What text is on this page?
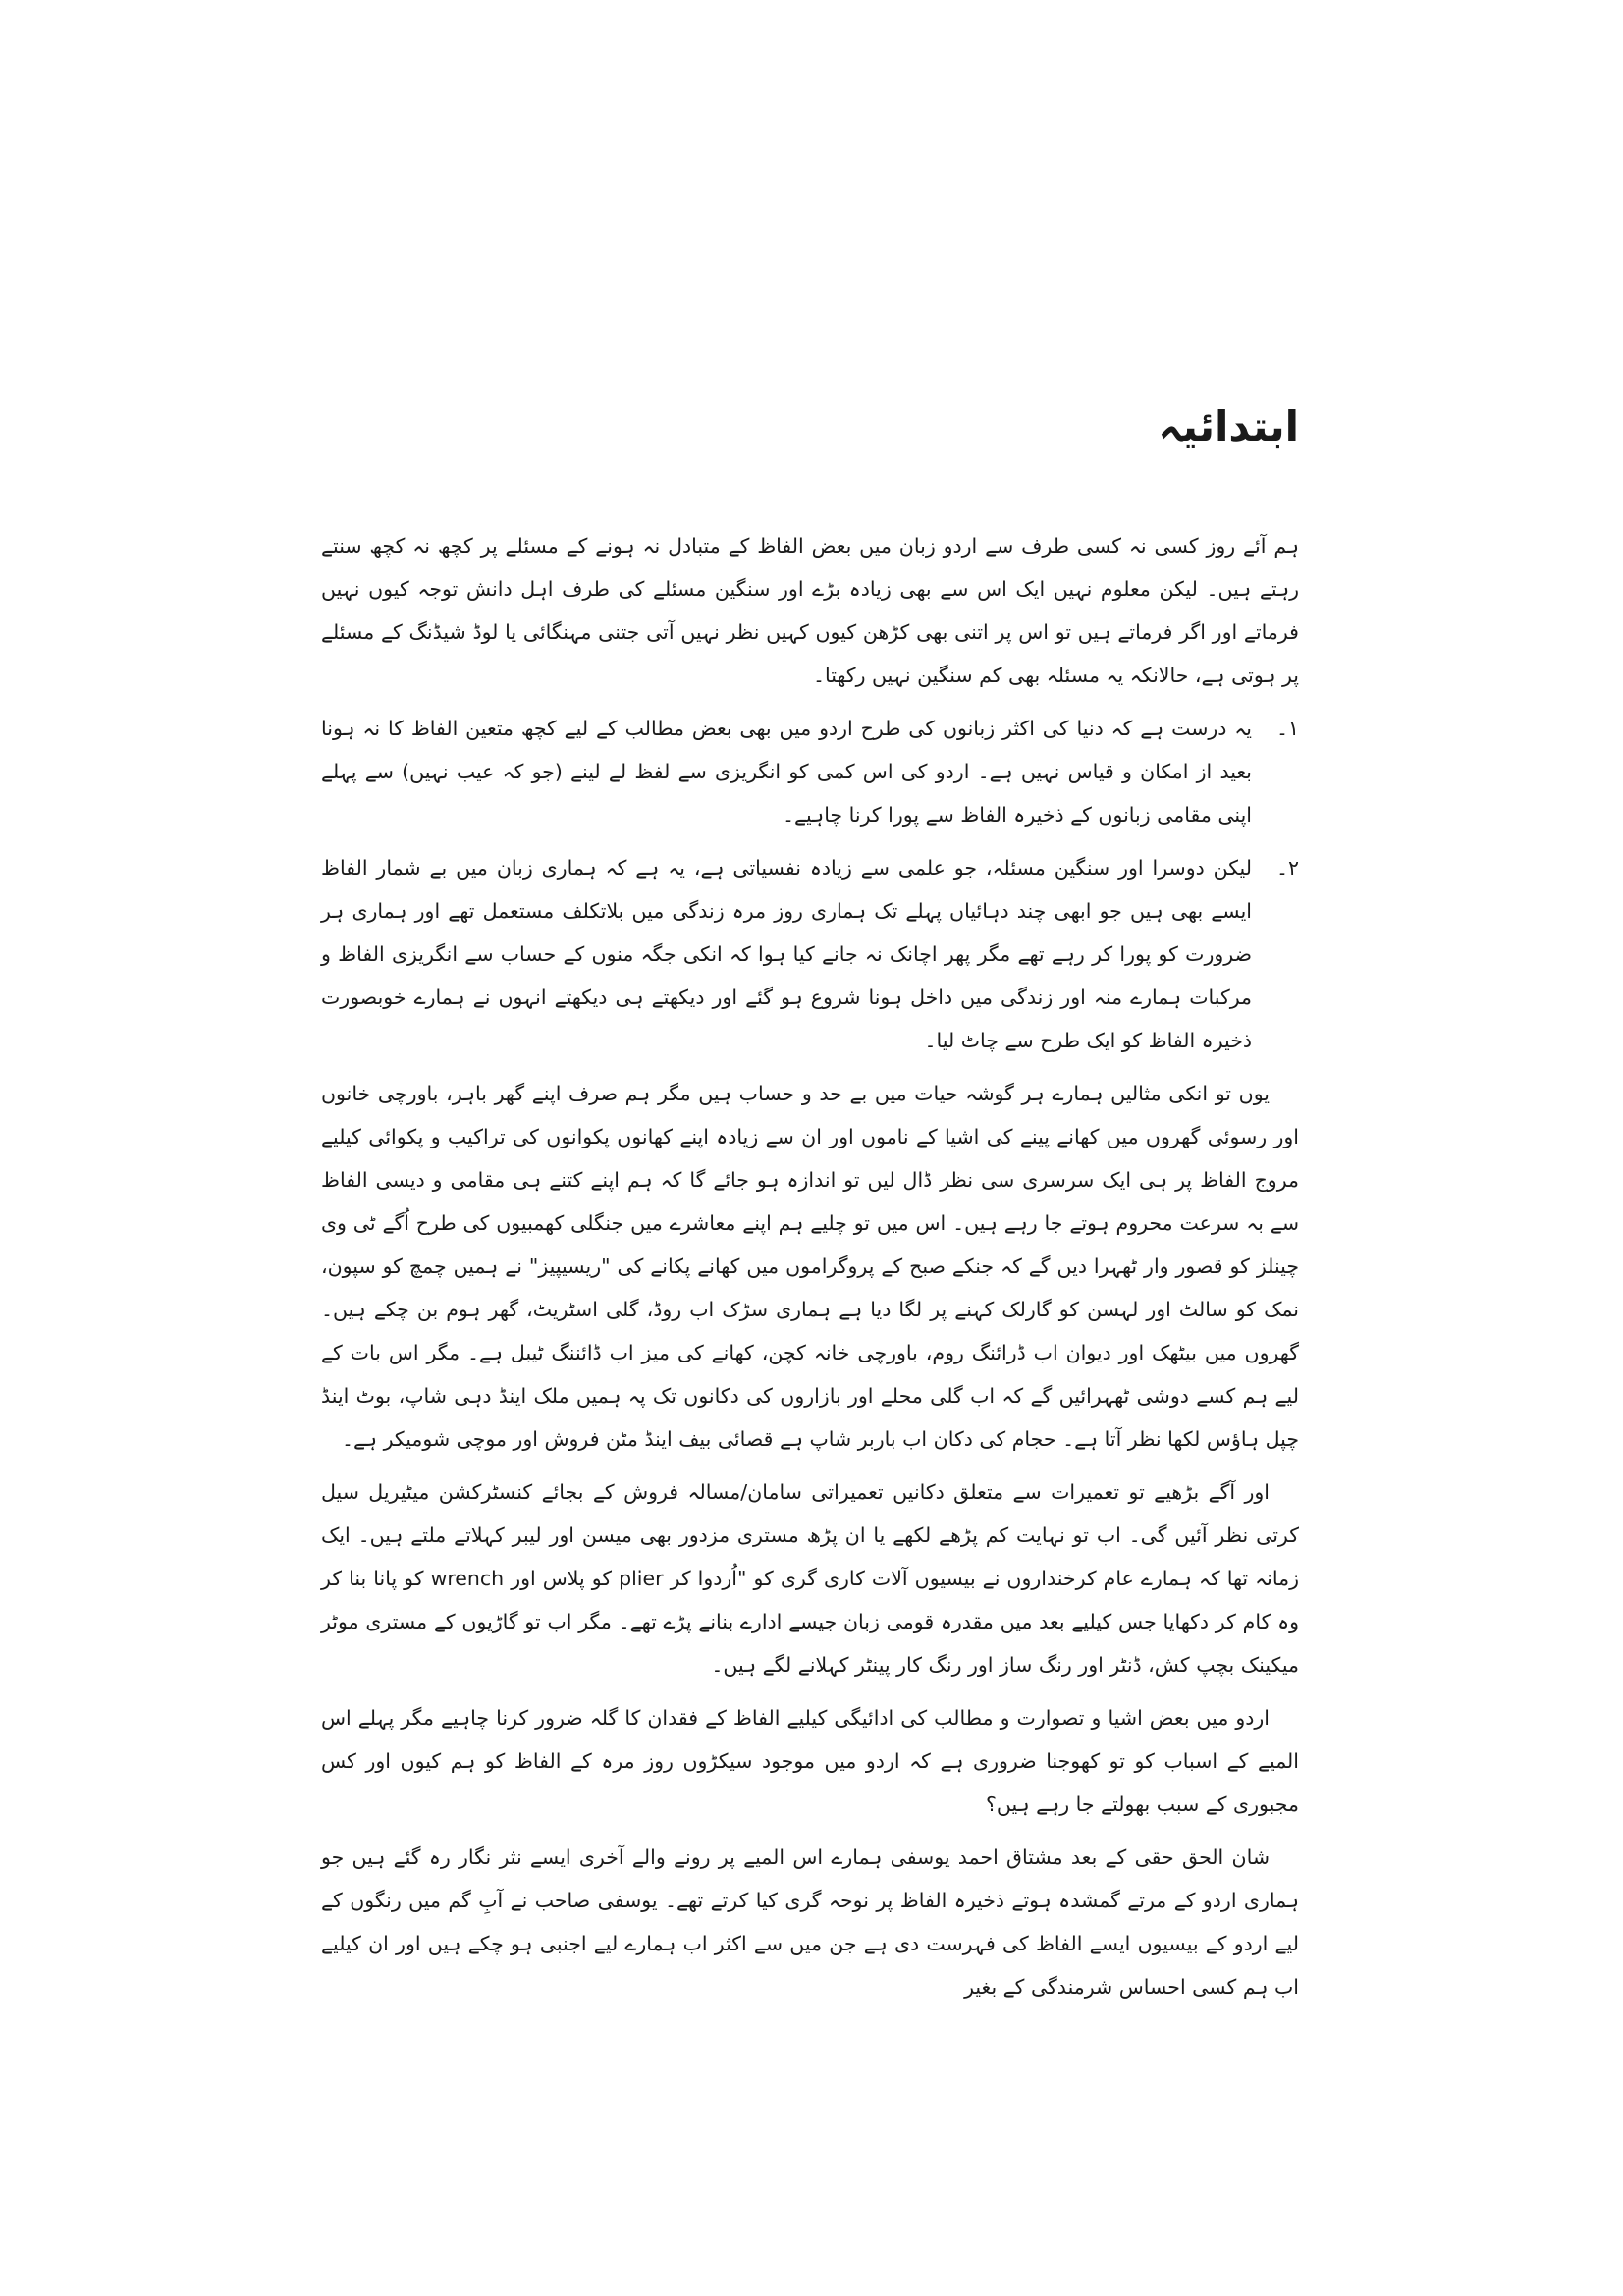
ابتدائیہ

ہم آئے روز کسی نہ کسی طرف سے اردو زبان میں بعض الفاظ کے متبادل نہ ہونے کے مسئلے پر کچھ نہ کچھ سنتے رہتے ہیں۔ لیکن معلوم نہیں ایک اس سے بھی زیادہ بڑے اور سنگین مسئلے کی طرف اہل دانش توجہ کیوں نہیں فرماتے اور اگر فرماتے ہیں تو اس پر اتنی بھی کڑھن کیوں کہیں نظر نہیں آتی جتنی مہنگائی یا لوڈ شیڈنگ کے مسئلے پر ہوتی ہے، حالانکہ یہ مسئلہ بھی کم سنگین نہیں رکھتا۔

۱۔
یہ درست ہے کہ دنیا کی اکثر زبانوں کی طرح اردو میں بھی بعض مطالب کے لیے کچھ متعین الفاظ کا نہ ہونا بعید از امکان و قیاس نہیں ہے۔ اردو کی اس کمی کو انگریزی سے لفظ لے لینے (جو کہ عیب نہیں) سے پہلے اپنی مقامی زبانوں کے ذخیرہ الفاظ سے پورا کرنا چاہیے۔
۲۔
لیکن دوسرا اور سنگین مسئلہ، جو علمی سے زیادہ نفسیاتی ہے، یہ ہے کہ ہماری زبان میں بے شمار الفاظ ایسے بھی ہیں جو ابھی چند دہائیاں پہلے تک ہماری روز مرہ زندگی میں بلاتکلف مستعمل تھے اور ہماری ہر ضرورت کو پورا کر رہے تھے مگر پھر اچانک نہ جانے کیا ہوا کہ انکی جگہ منوں کے حساب سے انگریزی الفاظ و مرکبات ہمارے منہ اور زندگی میں داخل ہونا شروع ہو گئے اور دیکھتے ہی دیکھتے انہوں نے ہمارے خوبصورت ذخیرہ الفاظ کو ایک طرح سے چاٹ لیا۔

یوں تو انکی مثالیں ہمارے ہر گوشہ حیات میں بے حد و حساب ہیں مگر ہم صرف اپنے گھر باہر، باورچی خانوں اور رسوئی گھروں میں کھانے پینے کی اشیا کے ناموں اور ان سے زیادہ اپنے کھانوں پکوانوں کی تراکیب و پکوائی کیلیے مروج الفاظ پر ہی ایک سرسری سی نظر ڈال لیں تو اندازہ ہو جائے گا کہ ہم اپنے کتنے ہی مقامی و دیسی الفاظ سے بہ سرعت محروم ہوتے جا رہے ہیں۔ اس میں تو چلیے ہم اپنے معاشرے میں جنگلی کھمبیوں کی طرح اُگے ٹی وی چینلز کو قصور وار ٹھہرا دیں گے کہ جنکے صبح کے پروگراموں میں کھانے پکانے کی "ریسیپیز" نے ہمیں چمچ کو سپون، نمک کو سالٹ اور لہسن کو گارلک کہنے پر لگا دیا ہے ہماری سڑک اب روڈ، گلی اسٹریٹ، گھر ہوم بن چکے ہیں۔ گھروں میں بیٹھک اور دیوان اب ڈرائنگ روم، باورچی خانہ کچن، کھانے کی میز اب ڈائننگ ٹیبل ہے۔ مگر اس بات کے لیے ہم کسے دوشی ٹھہرائیں گے کہ اب گلی محلے اور بازاروں کی دکانوں تک پہ ہمیں ملک اینڈ دہی شاپ، بوٹ اینڈ چپل ہاؤس لکھا نظر آتا ہے۔ حجام کی دکان اب باربر شاپ ہے قصائی بیف اینڈ مٹن فروش اور موچی شومیکر ہے۔

اور آگے بڑھیے تو تعمیرات سے متعلق دکانیں تعمیراتی سامان/مسالہ فروش کے بجائے کنسٹرکشن میٹیریل سیل کرتی نظر آئیں گی۔ اب تو نہایت کم پڑھے لکھے یا ان پڑھ مستری مزدور بھی میسن اور لیبر کہلاتے ملتے ہیں۔ ایک زمانہ تھا کہ ہمارے عام کرخنداروں نے بیسیوں آلات کاری گری کو "اُردوا کر plier کو پلاس اور wrench کو پانا بنا کر وہ کام کر دکھایا جس کیلیے بعد میں مقدرہ قومی زبان جیسے ادارے بنانے پڑے تھے۔ مگر اب تو گاڑیوں کے مستری موٹر میکینک بچپ کش، ڈنٹر اور رنگ ساز اور رنگ کار پینٹر کہلانے لگے ہیں۔

اردو میں بعض اشیا و تصوارت و مطالب کی ادائیگی کیلیے الفاظ کے فقدان کا گلہ ضرور کرنا چاہیے مگر پہلے اس المیے کے اسباب کو تو کھوجنا ضروری ہے کہ اردو میں موجود سیکڑوں روز مرہ کے الفاظ کو ہم کیوں اور کس مجبوری کے سبب بھولتے جا رہے ہیں؟

شان الحق حقی کے بعد مشتاق احمد یوسفی ہمارے اس المیے پر رونے والے آخری ایسے نثر نگار رہ گئے ہیں جو ہماری اردو کے مرتے گمشدہ ہوتے ذخیرہ الفاظ پر نوحہ گری کیا کرتے تھے۔ یوسفی صاحب نے آبِ گم میں رنگوں کے لیے اردو کے بیسیوں ایسے الفاظ کی فہرست دی ہے جن میں سے اکثر اب ہمارے لیے اجنبی ہو چکے ہیں اور ان کیلیے اب ہم کسی احساس شرمندگی کے بغیر
